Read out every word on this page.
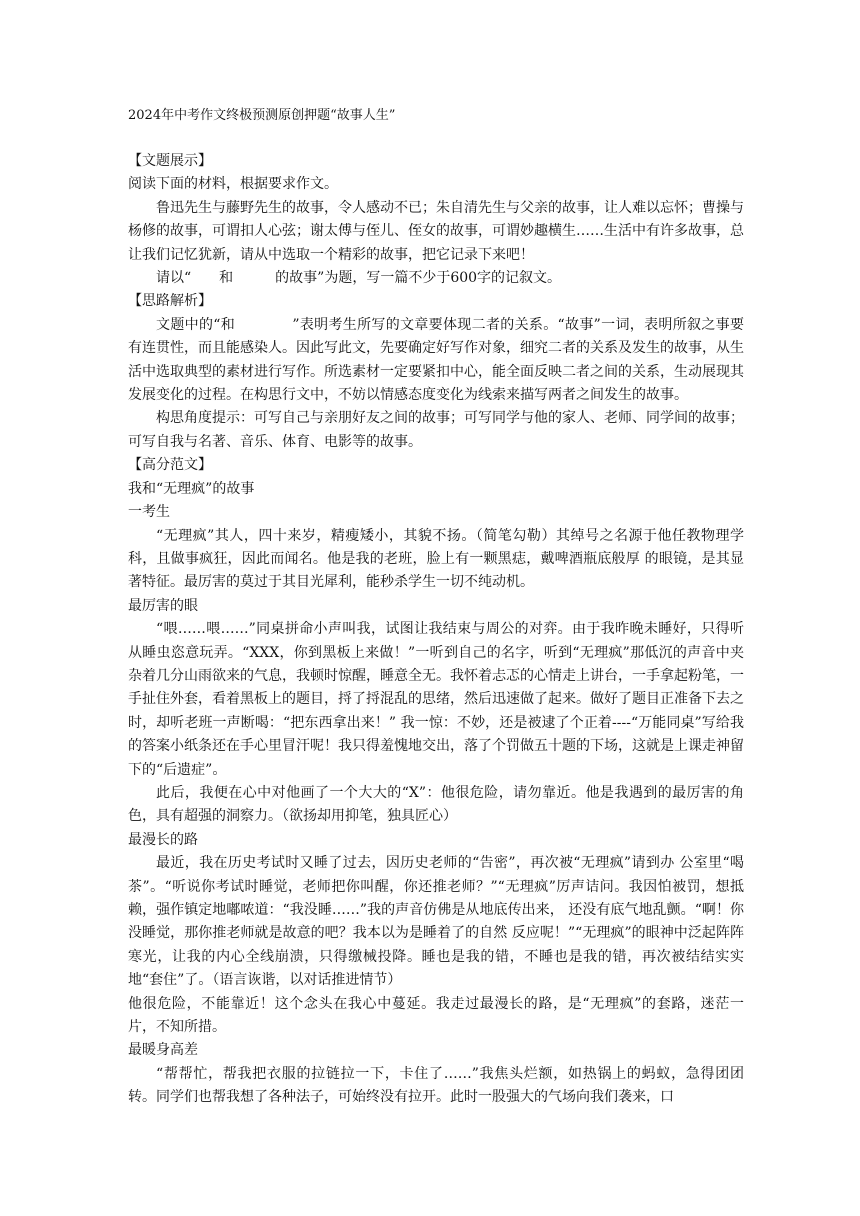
2024年中考作文终极预测原创押题“故事人生”

【文题展示】

阅读下面的材料，根据要求作文。

鲁迅先生与藤野先生的故事，令人感动不已；朱自清先生与父亲的故事，让人难以忘怀；曹操与杨修的故事，可谓扣人心弦；谢太傅与侄儿、侄女的故事，可谓妙趣横生……生活中有许多故事，总让我们记忆犹新，请从中选取一个精彩的故事，把它记录下来吧！

请以“　　和　　　的故事”为题，写一篇不少于600字的记叙文。

【思路解析】

文题中的“和　　　　”表明考生所写的文章要体现二者的关系。“故事”一词，表明所叙之事要有连贯性，而且能感染人。因此写此文，先要确定好写作对象，细究二者的关系及发生的故事，从生活中选取典型的素材进行写作。所选素材一定要紧扣中心，能全面反映二者之间的关系，生动展现其发展变化的过程。在构思行文中，不妨以情感态度变化为线索来描写两者之间发生的故事。

构思角度提示：可写自己与亲朋好友之间的故事；可写同学与他的家人、老师、同学间的故事；可写自我与名著、音乐、体育、电影等的故事。

【高分范文】

我和“无理疯”的故事

一考生

“无理疯”其人，四十来岁，精瘦矮小，其貌不扬。（简笔勾勒）其绰号之名源于他任教物理学科，且做事疯狂，因此而闻名。他是我的老班，脸上有一颗黑痣，戴啤酒瓶底般厚 的眼镜，是其显著特征。最厉害的莫过于其目光犀利，能秒杀学生一切不纯动机。

最厉害的眼

“喂……喂……”同桌拼命小声叫我，试图让我结束与周公的对弈。由于我昨晚未睡好，只得听从睡虫恣意玩弄。“XXX，你到黑板上来做！”一听到自己的名字，听到“无理疯”那低沉的声音中夹杂着几分山雨欲来的气息，我顿时惊醒，睡意全无。我怀着忐忑的心情走上讲台，一手拿起粉笔，一手扯住外套，看着黑板上的题目，捋了捋混乱的思绪，然后迅速做了起来。做好了题目正准备下去之时，却听老班一声断喝：“把东西拿出来！” 我一惊：不妙，还是被逮了个正着----“万能同桌”写给我的答案小纸条还在手心里冒汗呢！我只得羞愧地交出，落了个罚做五十题的下场，这就是上课走神留下的“后遗症”。

此后，我便在心中对他画了一个大大的“X”：他很危险，请勿靠近。他是我遇到的最厉害的角色，具有超强的洞察力。（欲扬却用抑笔，独具匠心）

最漫长的路

最近，我在历史考试时又睡了过去，因历史老师的“告密”，再次被“无理疯”请到办 公室里“喝茶”。“听说你考试时睡觉，老师把你叫醒，你还推老师？”“无理疯”厉声诘问。我因怕被罚，想抵赖，强作镇定地嘟哝道：“我没睡……”我的声音仿佛是从地底传出来， 还没有底气地乱颤。“啊！你没睡觉，那你推老师就是故意的吧？我本以为是睡着了的自然 反应呢！”“无理疯”的眼神中泛起阵阵寒光，让我的内心全线崩溃，只得缴械投降。睡也是我的错，不睡也是我的错，再次被结结实实地“套住”了。（语言诙谐，以对话推进情节）

他很危险，不能靠近！这个念头在我心中蔓延。我走过最漫长的路，是“无理疯”的套路，迷茫一片，不知所措。

最暖身高差

“帮帮忙，帮我把衣服的拉链拉一下，卡住了……”我焦头烂额，如热锅上的蚂蚁，急得团团转。同学们也帮我想了各种法子，可始终没有拉开。此时一股强大的气场向我们袭来，口
